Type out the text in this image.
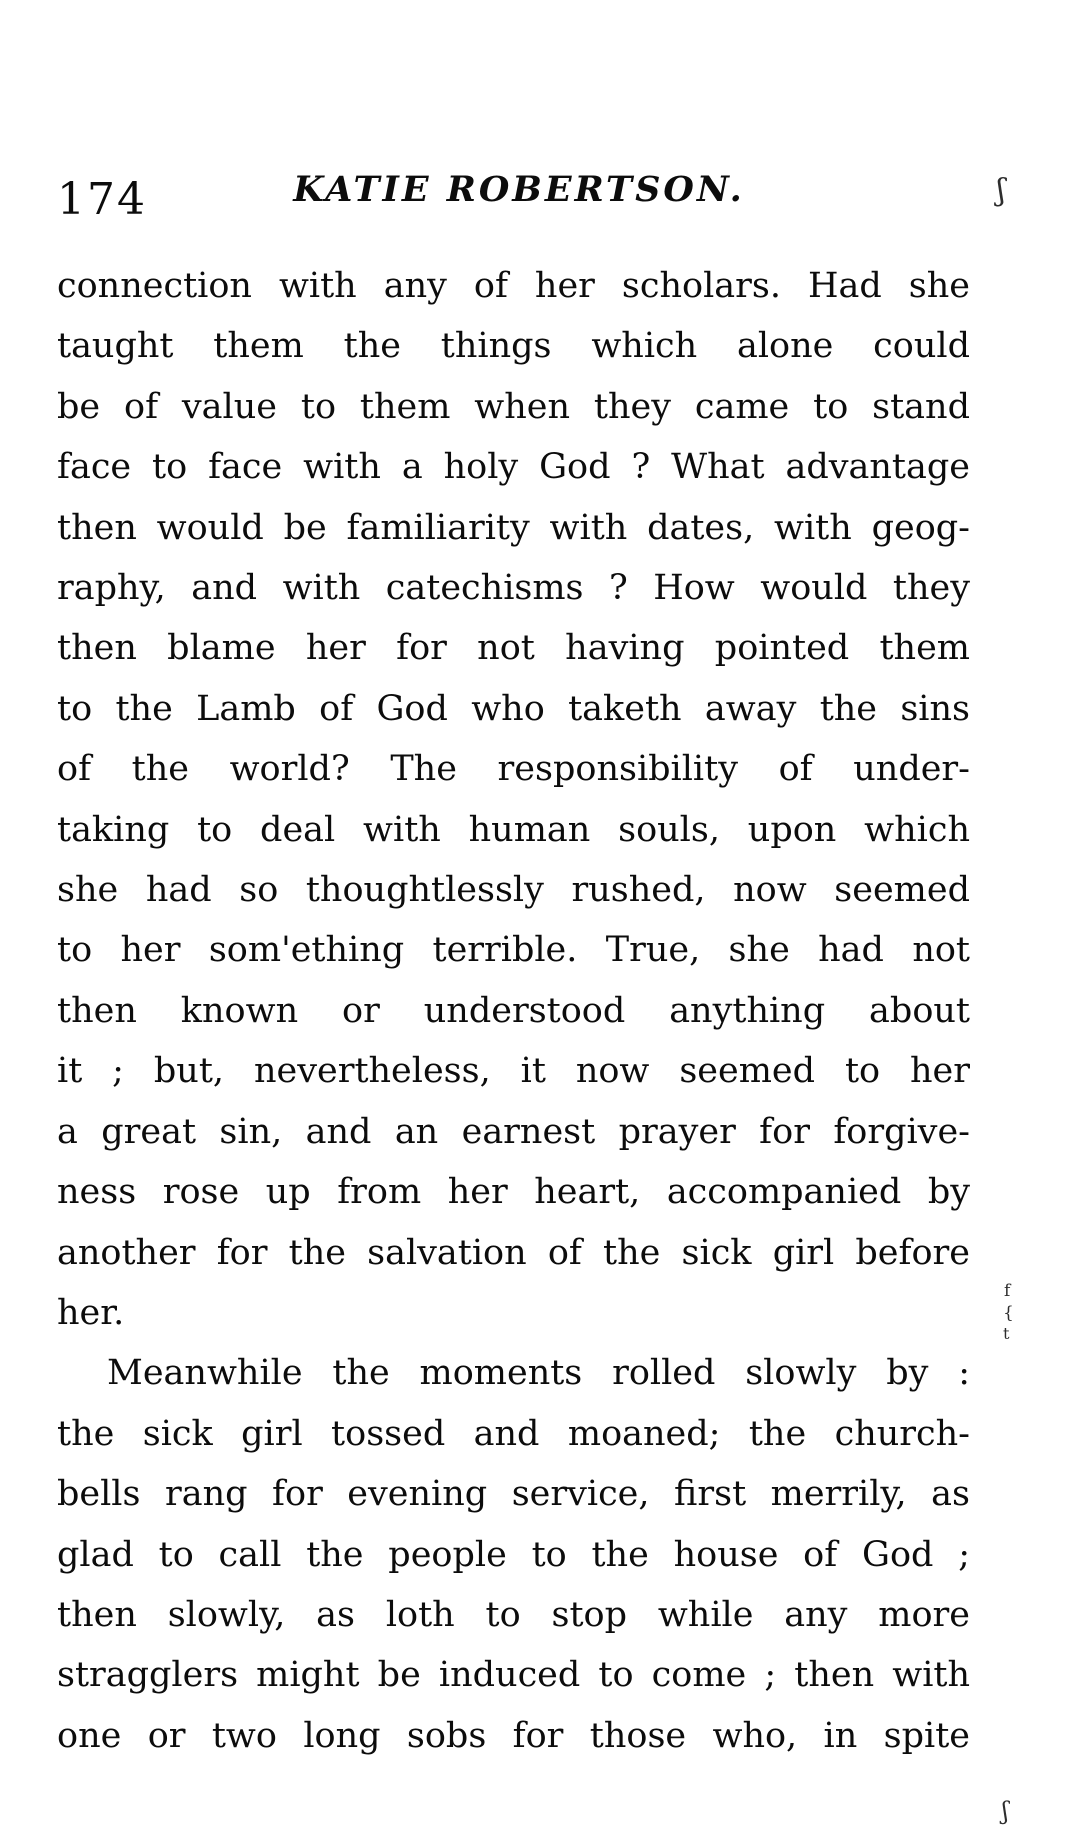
174	KATIE ROBERTSON.
connection with any of her scholars. Had she
taught them the things which alone could
be of value to them when they came to stand
face to face with a holy God ? What advantage
then would be familiarity with dates, with geog-
raphy, and with catechisms ? How would they
then blame her for not having pointed them
to the Lamb of God who taketh away the sins
of the world? The responsibility of under-
taking to deal with human souls, upon which
she had so thoughtlessly rushed, now seemed
to her som'ething terrible. True, she had not
then known or understood anything about
it ; but, nevertheless, it now seemed to her
a great sin, and an earnest prayer for forgive-
ness rose up from her heart, accompanied by
another for the salvation of the sick girl before
her.
Meanwhile the moments rolled slowly by :
the sick girl tossed and moaned; the church-
bells rang for evening service, first merrily, as
glad to call the people to the house of God ;
then slowly, as loth to stop while any more
stragglers might be induced to come ; then with
one or two long sobs for those who, in spite
ʃ
f
{
t
ʃ
